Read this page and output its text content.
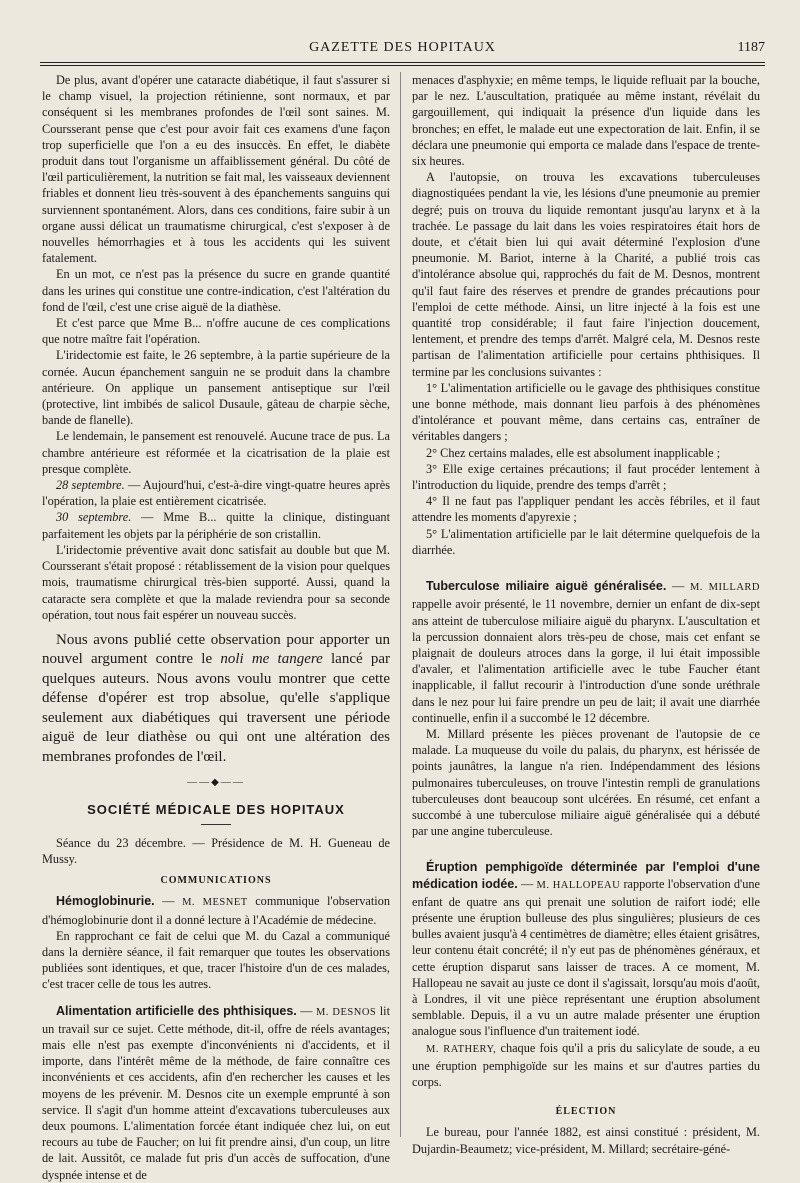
GAZETTE DES HOPITAUX	1187

De plus, avant d'opérer une cataracte diabétique, il faut s'assurer si le champ visuel, la projection rétinienne, sont normaux, et par conséquent si les membranes profondes de l'œil sont saines. M. Coursserant pense que c'est pour avoir fait ces examens d'une façon trop superficielle que l'on a eu des insuccès. En effet, le diabète produit dans tout l'organisme un affaiblissement général. Du côté de l'œil particulièrement, la nutrition se fait mal, les vaisseaux deviennent friables et donnent lieu très-souvent à des épanchements sanguins qui surviennent spontanément. Alors, dans ces conditions, faire subir à un organe aussi délicat un traumatisme chirurgical, c'est s'exposer à de nouvelles hémorrhagies et à tous les accidents qui les suivent fatalement.

En un mot, ce n'est pas la présence du sucre en grande quantité dans les urines qui constitue une contre-indication, c'est l'altération du fond de l'œil, c'est une crise aiguë de la diathèse.

Et c'est parce que Mme B... n'offre aucune de ces complications que notre maître fait l'opération.

L'iridectomie est faite, le 26 septembre, à la partie supérieure de la cornée. Aucun épanchement sanguin ne se produit dans la chambre antérieure. On applique un pansement antiseptique sur l'œil (protective, lint imbibés de salicol Dusaule, gâteau de charpie sèche, bande de flanelle).

Le lendemain, le pansement est renouvelé. Aucune trace de pus. La chambre antérieure est réformée et la cicatrisation de la plaie est presque complète.

28 septembre. — Aujourd'hui, c'est-à-dire vingt-quatre heures après l'opération, la plaie est entièrement cicatrisée.

30 septembre. — Mme B... quitte la clinique, distinguant parfaitement les objets par la périphérie de son cristallin.

L'iridectomie préventive avait donc satisfait au double but que M. Coursserant s'était proposé : rétablissement de la vision pour quelques mois, traumatisme chirurgical très-bien supporté. Aussi, quand la cataracte sera complète et que la malade reviendra pour sa seconde opération, tout nous fait espérer un nouveau succès.

Nous avons publié cette observation pour apporter un nouvel argument contre le noli me tangere lancé par quelques auteurs. Nous avons voulu montrer que cette défense d'opérer est trop absolue, qu'elle s'applique seulement aux diabétiques qui traversent une période aiguë de leur diathèse ou qui ont une altération des membranes profondes de l'œil.

——◆——
SOCIÉTÉ MÉDICALE DES HOPITAUX

Séance du 23 décembre. — Présidence de M. H. Gueneau de Mussy.

COMMUNICATIONS

Hémoglobinurie. — M. MESNET communique l'observation d'hémoglobinurie dont il a donné lecture à l'Académie de médecine.

En rapprochant ce fait de celui que M. du Cazal a communiqué dans la dernière séance, il fait remarquer que toutes les observations publiées sont identiques, et que, tracer l'histoire d'un de ces malades, c'est tracer celle de tous les autres.

Alimentation artificielle des phthisiques. — M. DESNOS lit un travail sur ce sujet. Cette méthode, dit-il, offre de réels avantages; mais elle n'est pas exempte d'inconvénients ni d'accidents, et il importe, dans l'intérêt même de la méthode, de faire connaître ces inconvénients et ces accidents, afin d'en rechercher les causes et les moyens de les prévenir. M. Desnos cite un exemple emprunté à son service. Il s'agit d'un homme atteint d'excavations tuberculeuses aux deux poumons. L'alimentation forcée étant indiquée chez lui, on eut recours au tube de Faucher; on lui fit prendre ainsi, d'un coup, un litre de lait. Aussitôt, ce malade fut pris d'un accès de suffocation, d'une dyspnée intense et de

menaces d'asphyxie; en même temps, le liquide refluait par la bouche, par le nez. L'auscultation, pratiquée au même instant, révélait du gargouillement, qui indiquait la présence d'un liquide dans les bronches; en effet, le malade eut une expectoration de lait. Enfin, il se déclara une pneumonie qui emporta ce malade dans l'espace de trente-six heures.

A l'autopsie, on trouva les excavations tuberculeuses diagnostiquées pendant la vie, les lésions d'une pneumonie au premier degré; puis on trouva du liquide remontant jusqu'au larynx et à la trachée. Le passage du lait dans les voies respiratoires était hors de doute, et c'était bien lui qui avait déterminé l'explosion d'une pneumonie. M. Bariot, interne à la Charité, a publié trois cas d'intolérance absolue qui, rapprochés du fait de M. Desnos, montrent qu'il faut faire des réserves et prendre de grandes précautions pour l'emploi de cette méthode. Ainsi, un litre injecté à la fois est une quantité trop considérable; il faut faire l'injection doucement, lentement, et prendre des temps d'arrêt. Malgré cela, M. Desnos reste partisan de l'alimentation artificielle pour certains phthisiques. Il termine par les conclusions suivantes :

1° L'alimentation artificielle ou le gavage des phthisiques constitue une bonne méthode, mais donnant lieu parfois à des phénomènes d'intolérance et pouvant même, dans certains cas, entraîner de véritables dangers ;

2° Chez certains malades, elle est absolument inapplicable ;

3° Elle exige certaines précautions; il faut procéder lentement à l'introduction du liquide, prendre des temps d'arrêt ;

4° Il ne faut pas l'appliquer pendant les accès fébriles, et il faut attendre les moments d'apyrexie ;

5° L'alimentation artificielle par le lait détermine quelquefois de la diarrhée.

Tuberculose miliaire aiguë généralisée. — M. MILLARD rappelle avoir présenté, le 11 novembre, dernier un enfant de dix-sept ans atteint de tuberculose miliaire aiguë du pharynx. L'auscultation et la percussion donnaient alors très-peu de chose, mais cet enfant se plaignait de douleurs atroces dans la gorge, il lui était impossible d'avaler, et l'alimentation artificielle avec le tube Faucher étant inapplicable, il fallut recourir à l'introduction d'une sonde uréthrale dans le nez pour lui faire prendre un peu de lait; il avait une diarrhée continuelle, enfin il a succombé le 12 décembre.

M. Millard présente les pièces provenant de l'autopsie de ce malade. La muqueuse du voile du palais, du pharynx, est hérissée de points jaunâtres, la langue n'a rien. Indépendamment des lésions pulmonaires tuberculeuses, on trouve l'intestin rempli de granulations tuberculeuses dont beaucoup sont ulcérées. En résumé, cet enfant a succombé à une tuberculose miliaire aiguë généralisée qui a débuté par une angine tuberculeuse.

Éruption pemphigoïde déterminée par l'emploi d'une médication iodée. — M. HALLOPEAU rapporte l'observation d'une enfant de quatre ans qui prenait une solution de raifort iodé; elle présente une éruption bulleuse des plus singulières; plusieurs de ces bulles avaient jusqu'à 4 centimètres de diamètre; elles étaient grisâtres, leur contenu était concrété; il n'y eut pas de phénomènes généraux, et cette éruption disparut sans laisser de traces. A ce moment, M. Hallopeau ne savait au juste ce dont il s'agissait, lorsqu'au mois d'août, à Londres, il vit une pièce représentant une éruption absolument semblable. Depuis, il a vu un autre malade présenter une éruption analogue sous l'influence d'un traitement iodé.

M. RATHERY, chaque fois qu'il a pris du salicylate de soude, a eu une éruption pemphigoïde sur les mains et sur d'autres parties du corps.

ÉLECTION

Le bureau, pour l'année 1882, est ainsi constitué : président, M. Dujardin-Beaumetz; vice-président, M. Millard; secrétaire-géné-
